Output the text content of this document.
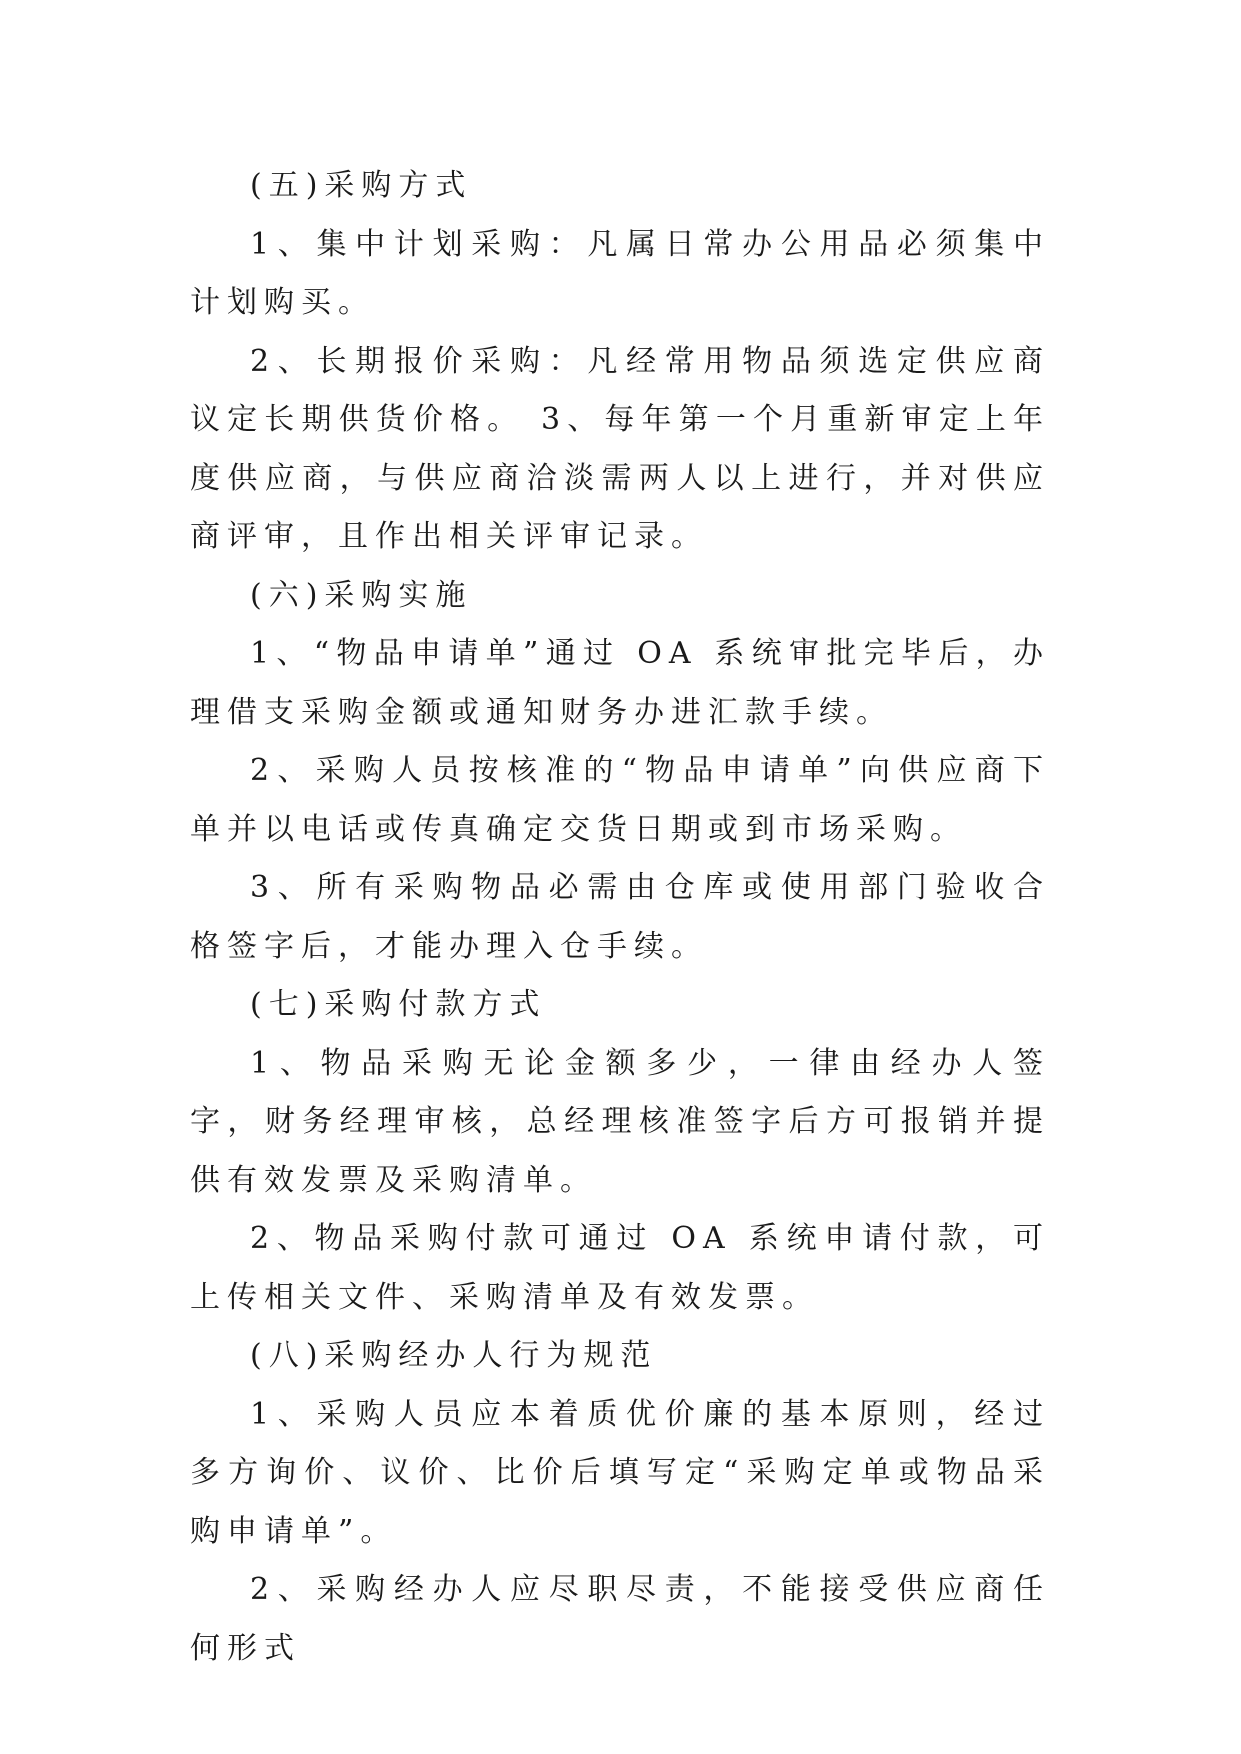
(五)采购方式

1、集中计划采购：凡属日常办公用品必须集中计划购买。

2、长期报价采购：凡经常用物品须选定供应商议定长期供货价格。 3、每年第一个月重新审定上年度供应商，与供应商洽淡需两人以上进行，并对供应商评审，且作出相关评审记录。

(六)采购实施

1、“物品申请单”通过 OA 系统审批完毕后，办理借支采购金额或通知财务办进汇款手续。

2、采购人员按核准的“物品申请单”向供应商下单并以电话或传真确定交货日期或到市场采购。

3、所有采购物品必需由仓库或使用部门验收合格签字后，才能办理入仓手续。

(七)采购付款方式

1、物品采购无论金额多少，一律由经办人签字，财务经理审核，总经理核准签字后方可报销并提供有效发票及采购清单。

2、物品采购付款可通过 OA 系统申请付款，可上传相关文件、采购清单及有效发票。

(八)采购经办人行为规范

1、采购人员应本着质优价廉的基本原则，经过多方询价、议价、比价后填写定“采购定单或物品采购申请单”。

2、采购经办人应尽职尽责，不能接受供应商任何形式
